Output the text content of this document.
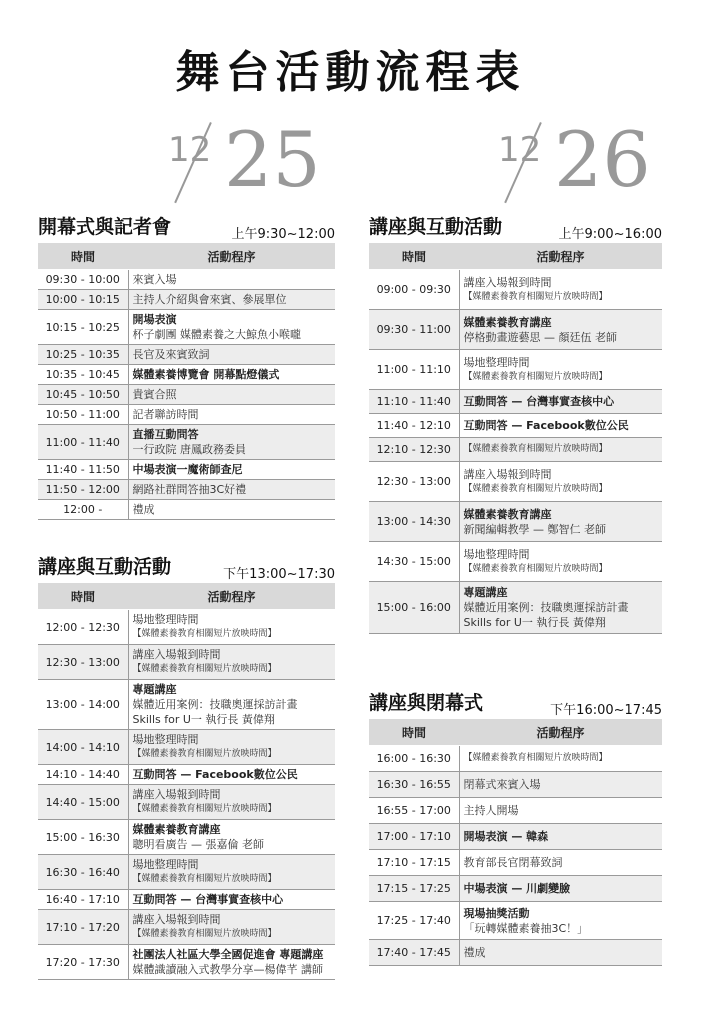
舞台活動流程表
12 25	12 26
開幕式與記者會	上午9:30~12:00
時間	活動程序
09:30 - 10:00	來賓入場

10:00 - 10:15	主持人介紹與會來賓、參展單位

10:15 - 10:25	開場表演
杯子劇團 媒體素養之大鯨魚小喉嚨

10:25 - 10:35	長官及來賓致詞

10:35 - 10:45	媒體素養博覽會 開幕點燈儀式

10:45 - 10:50	貴賓合照

10:50 - 11:00	記者聯訪時間

11:00 - 11:40	直播互動問答
一行政院 唐鳳政務委員

11:40 - 11:50	中場表演一魔術師查尼

11:50 - 12:00	網路社群問答抽3C好禮

12:00 -	禮成
講座與互動活動	下午13:00~17:30
時間	活動程序
12:00 - 12:30	場地整理時間
【媒體素養教育相關短片放映時間】

12:30 - 13:00	講座入場報到時間
【媒體素養教育相關短片放映時間】

13:00 - 14:00	專題講座
媒體近用案例：技職奧運採訪計畫
Skills for U一 執行長 黃偉翔

14:00 - 14:10	場地整理時間
【媒體素養教育相關短片放映時間】

14:10 - 14:40	互動問答 — Facebook數位公民

14:40 - 15:00	講座入場報到時間
【媒體素養教育相關短片放映時間】

15:00 - 16:30	媒體素養教育講座
聰明看廣告 — 張嘉倫 老師

16:30 - 16:40	場地整理時間
【媒體素養教育相關短片放映時間】

16:40 - 17:10	互動問答 — 台灣事實查核中心

17:10 - 17:20	講座入場報到時間
【媒體素養教育相關短片放映時間】

17:20 - 17:30	社團法人社區大學全國促進會 專題講座
媒體識讀融入式教學分享—楊偉芊 講師
講座與互動活動	上午9:00~16:00
時間	活動程序
09:00 - 09:30	講座入場報到時間
【媒體素養教育相關短片放映時間】

09:30 - 11:00	媒體素養教育講座
停格動畫遊藝思 — 顏廷伍 老師

11:00 - 11:10	場地整理時間
【媒體素養教育相關短片放映時間】

11:10 - 11:40	互動問答 — 台灣事實查核中心

11:40 - 12:10	互動問答 — Facebook數位公民

12:10 - 12:30	【媒體素養教育相關短片放映時間】

12:30 - 13:00	講座入場報到時間
【媒體素養教育相關短片放映時間】

13:00 - 14:30	媒體素養教育講座
新聞編輯教學 — 鄭智仁 老師

14:30 - 15:00	場地整理時間
【媒體素養教育相關短片放映時間】

15:00 - 16:00	專題講座
媒體近用案例：技職奧運採訪計畫
Skills for U一 執行長 黃偉翔
講座與閉幕式	下午16:00~17:45
時間	活動程序
16:00 - 16:30	【媒體素養教育相關短片放映時間】

16:30 - 16:55	閉幕式來賓入場

16:55 - 17:00	主持人開場

17:00 - 17:10	開場表演 — 韓森

17:10 - 17:15	教育部長官閉幕致詞

17:15 - 17:25	中場表演 — 川劇變臉

17:25 - 17:40	現場抽獎活動
「玩轉媒體素養抽3C！」

17:40 - 17:45	禮成
